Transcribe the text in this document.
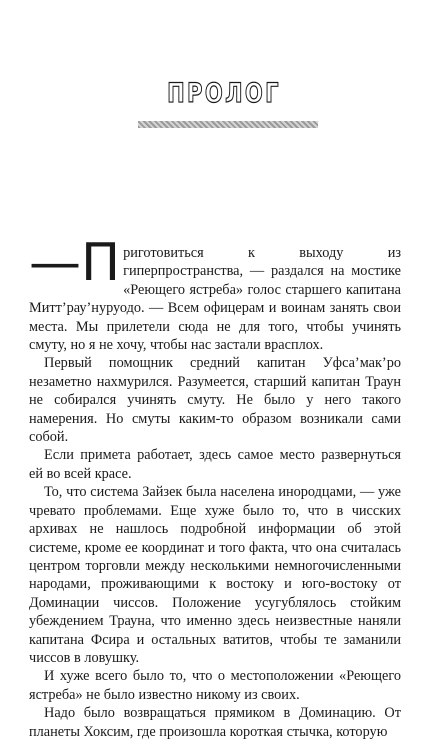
ПРОЛОГ

—П риготовиться к выходу из гиперпространства, — раздался на мостике «Реющего ястреба» голос старшего капитана Митт’рау’нуруодо. — Всем офицерам и воинам занять свои места. Мы прилетели сюда не для того, чтобы учинять смуту, но я не хочу, чтобы нас застали врасплох.

Первый помощник средний капитан Уфса’мак’ро незаметно нахмурился. Разумеется, старший капитан Траун не собирался учинять смуту. Не было у него такого намерения. Но смуты каким-то образом возникали сами собой.

Если примета работает, здесь самое место развернуться ей во всей красе.

То, что система Зайзек была населена инородцами, — уже чревато проблемами. Еще хуже было то, что в чисских архивах не нашлось подробной информации об этой системе, кроме ее координат и того факта, что она считалась центром торговли между несколькими немногочисленными народами, проживающими к востоку и юго-востоку от Доминации чиссов. Положение усугублялось стойким убеждением Трауна, что именно здесь неизвестные наняли капитана Фсира и остальных ватитов, чтобы те заманили чиссов в ловушку.

И хуже всего было то, что о местоположении «Реющего ястреба» не было известно никому из своих.

Надо было возвращаться прямиком в Доминацию. От планеты Хоксим, где произошла короткая стычка, которую
